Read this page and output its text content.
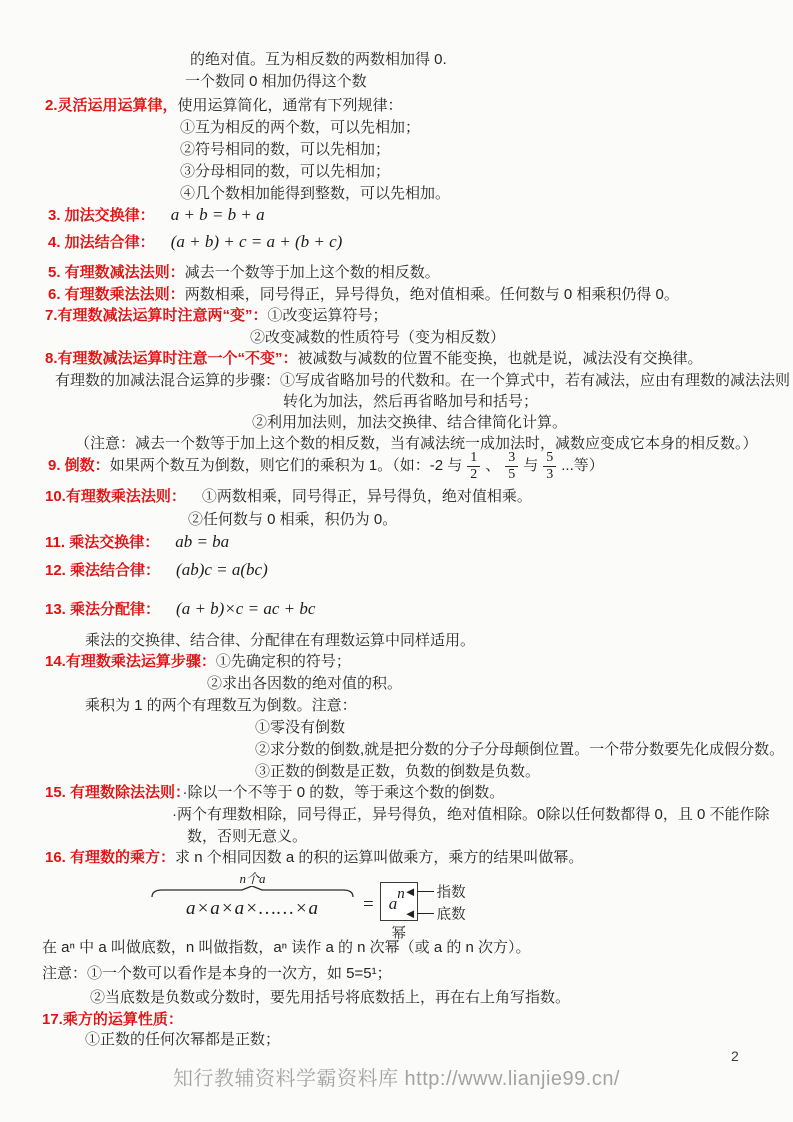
的绝对值。互为相反数的两数相加得 0.
一个数同 0 相加仍得这个数
2.灵活运用运算律，使用运算简化，通常有下列规律：
①互为相反的两个数，可以先相加；
②符号相同的数，可以先相加；
③分母相同的数，可以先相加；
④几个数相加能得到整数，可以先相加。
3. 加法交换律： a + b = b + a
4. 加法结合律： (a + b) + c = a + (b + c)
5. 有理数减法法则：减去一个数等于加上这个数的相反数。
6. 有理数乘法法则：两数相乘，同号得正，异号得负，绝对值相乘。任何数与 0 相乘积仍得 0。
7.有理数减法运算时注意两“变”：①改变运算符号；
②改变减数的性质符号（变为相反数）
8.有理数减法运算时注意一个“不变”：被减数与减数的位置不能变换，也就是说，减法没有交换律。
有理数的加减法混合运算的步骤：①写成省略加号的代数和。在一个算式中，若有减法，应由有理数的减法法则
转化为加法，然后再省略加号和括号；
②利用加法则，加法交换律、结合律简化计算。
（注意：减去一个数等于加上这个数的相反数，当有减法统一成加法时，减数应变成它本身的相反数。）
9. 倒数： 如果两个数互为倒数，则它们的乘积为 1。（如：-2 与 $\frac{1}{2}$ 、 $\frac{3}{5}$ 与 $\frac{5}{3}$ ...等）
10.有理数乘法法则： ①两数相乘，同号得正，异号得负，绝对值相乘。
②任何数与 0 相乘，积仍为 0。
11. 乘法交换律： ab = ba
12. 乘法结合律： (ab)c = a(bc)
13. 乘法分配律： (a + b)×c = ac + bc
乘法的交换律、结合律、分配律在有理数运算中同样适用。
14.有理数乘法运算步骤：①先确定积的符号；
②求出各因数的绝对值的积。
乘积为 1 的两个有理数互为倒数。注意：
①零没有倒数
②求分数的倒数,就是把分数的分子分母颠倒位置。一个带分数要先化成假分数。
③正数的倒数是正数，负数的倒数是负数。
15. 有理数除法法则：·除以一个不等于 0 的数，等于乘这个数的倒数。
·两个有理数相除，同号得正，异号得负，绝对值相除。0除以任何数都得 0，且 0 不能作除
数，否则无意义。
16. 有理数的乘方：求 n 个相同因数 a 的积的运算叫做乘方，乘方的结果叫做幂。
n个a
a×a×a×……×a = $a^n$ ◄ 指数
◄ 底数
幂
在 aⁿ 中 a 叫做底数，n 叫做指数，aⁿ 读作 a 的 n 次幂（或 a 的 n 次方）。
注意：①一个数可以看作是本身的一次方，如 5=5¹；
②当底数是负数或分数时，要先用括号将底数括上，再在右上角写指数。
17.乘方的运算性质：
①正数的任何次幂都是正数；
2
知行教辅资料学霸资料库 http://www.lianjie99.cn/
